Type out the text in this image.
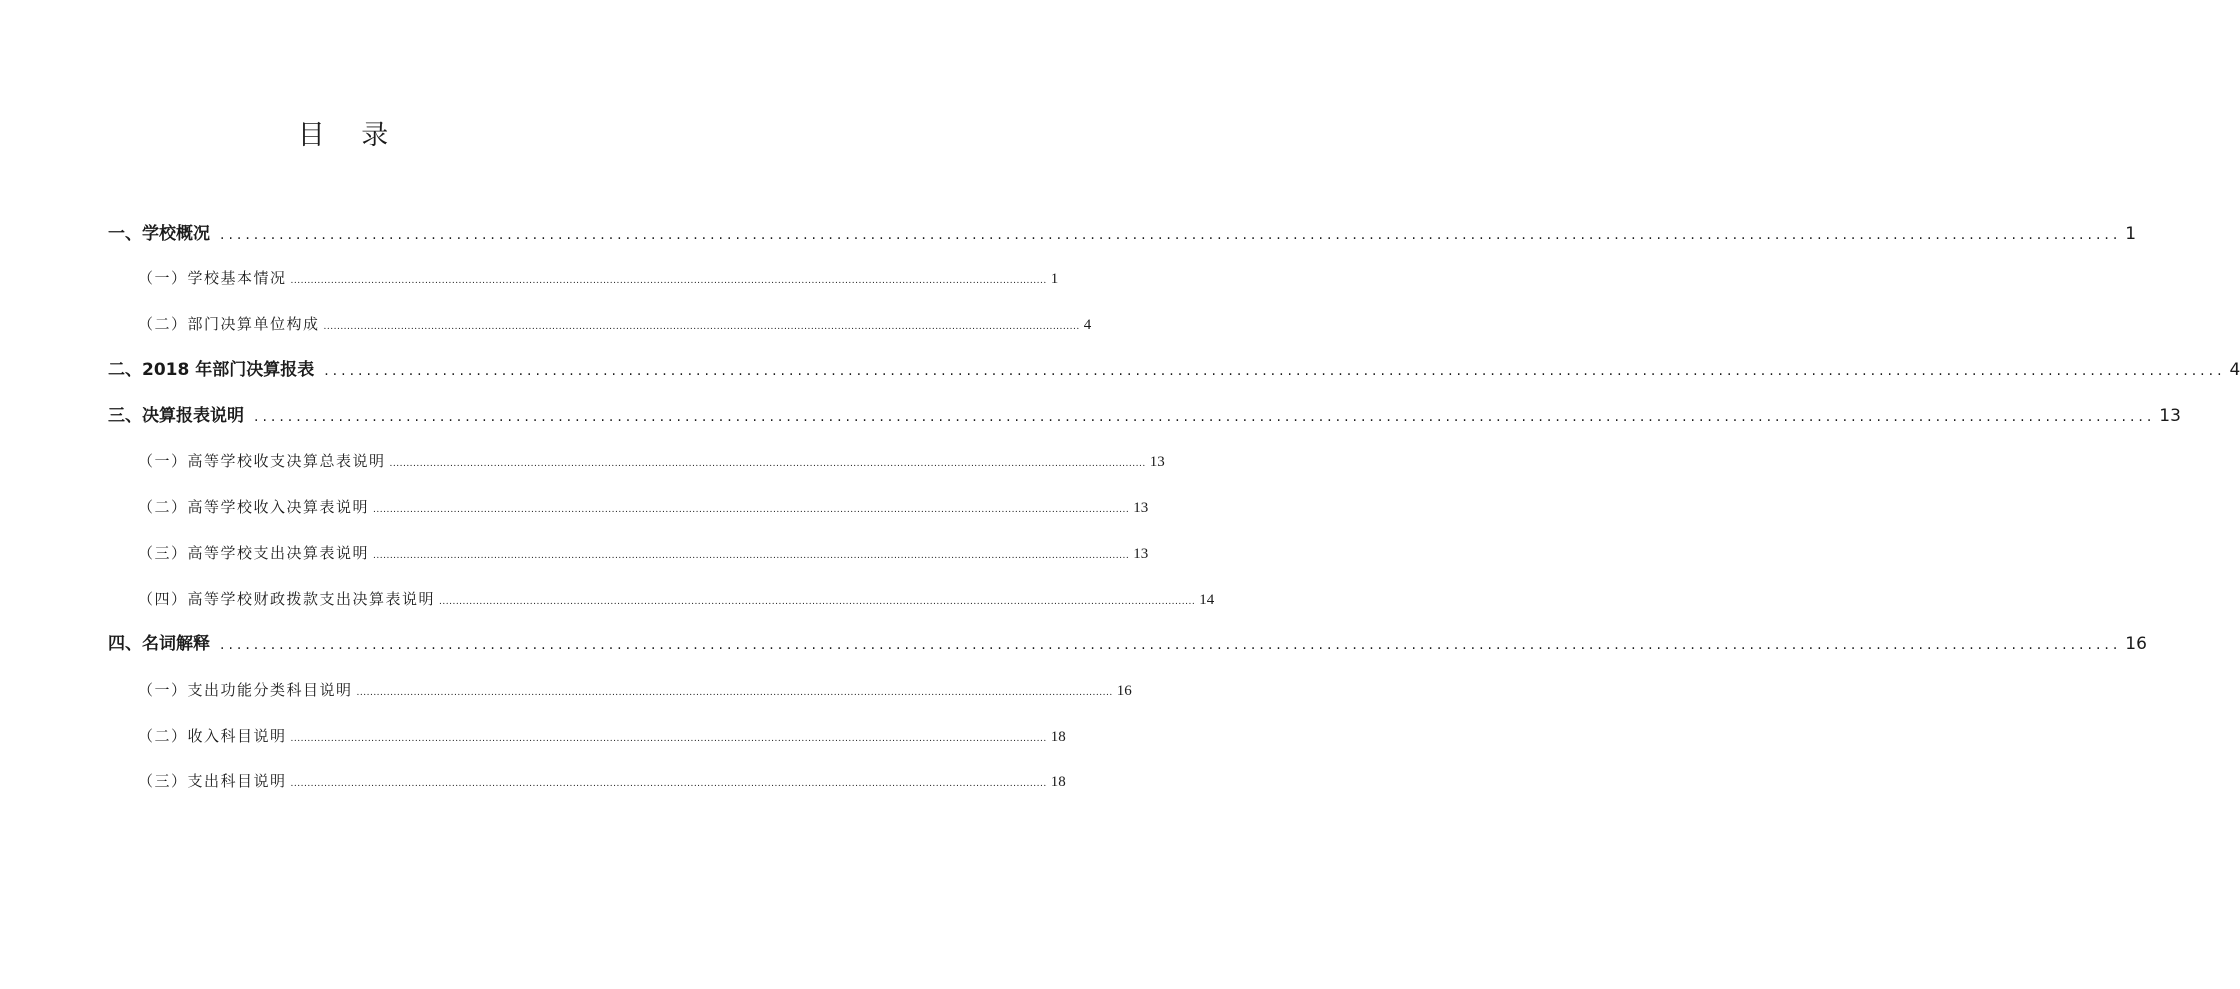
目 录
一、学校概况 ................................................................................................................................................................................................................................. 1
（一）学校基本情况 ................................................................................................................................................................................................................................. 1
（二）部门决算单位构成 ................................................................................................................................................................................................................................. 4
二、2018 年部门决算报表 ................................................................................................................................................................................................................................. 4
三、决算报表说明 ................................................................................................................................................................................................................................. 13
（一）高等学校收支决算总表说明 ................................................................................................................................................................................................................................. 13
（二）高等学校收入决算表说明 ................................................................................................................................................................................................................................. 13
（三）高等学校支出决算表说明 ................................................................................................................................................................................................................................. 13
（四）高等学校财政拨款支出决算表说明 ................................................................................................................................................................................................................................. 14
四、名词解释 ................................................................................................................................................................................................................................. 16
（一）支出功能分类科目说明 ................................................................................................................................................................................................................................. 16
（二）收入科目说明 ................................................................................................................................................................................................................................. 18
（三）支出科目说明 ................................................................................................................................................................................................................................. 18
